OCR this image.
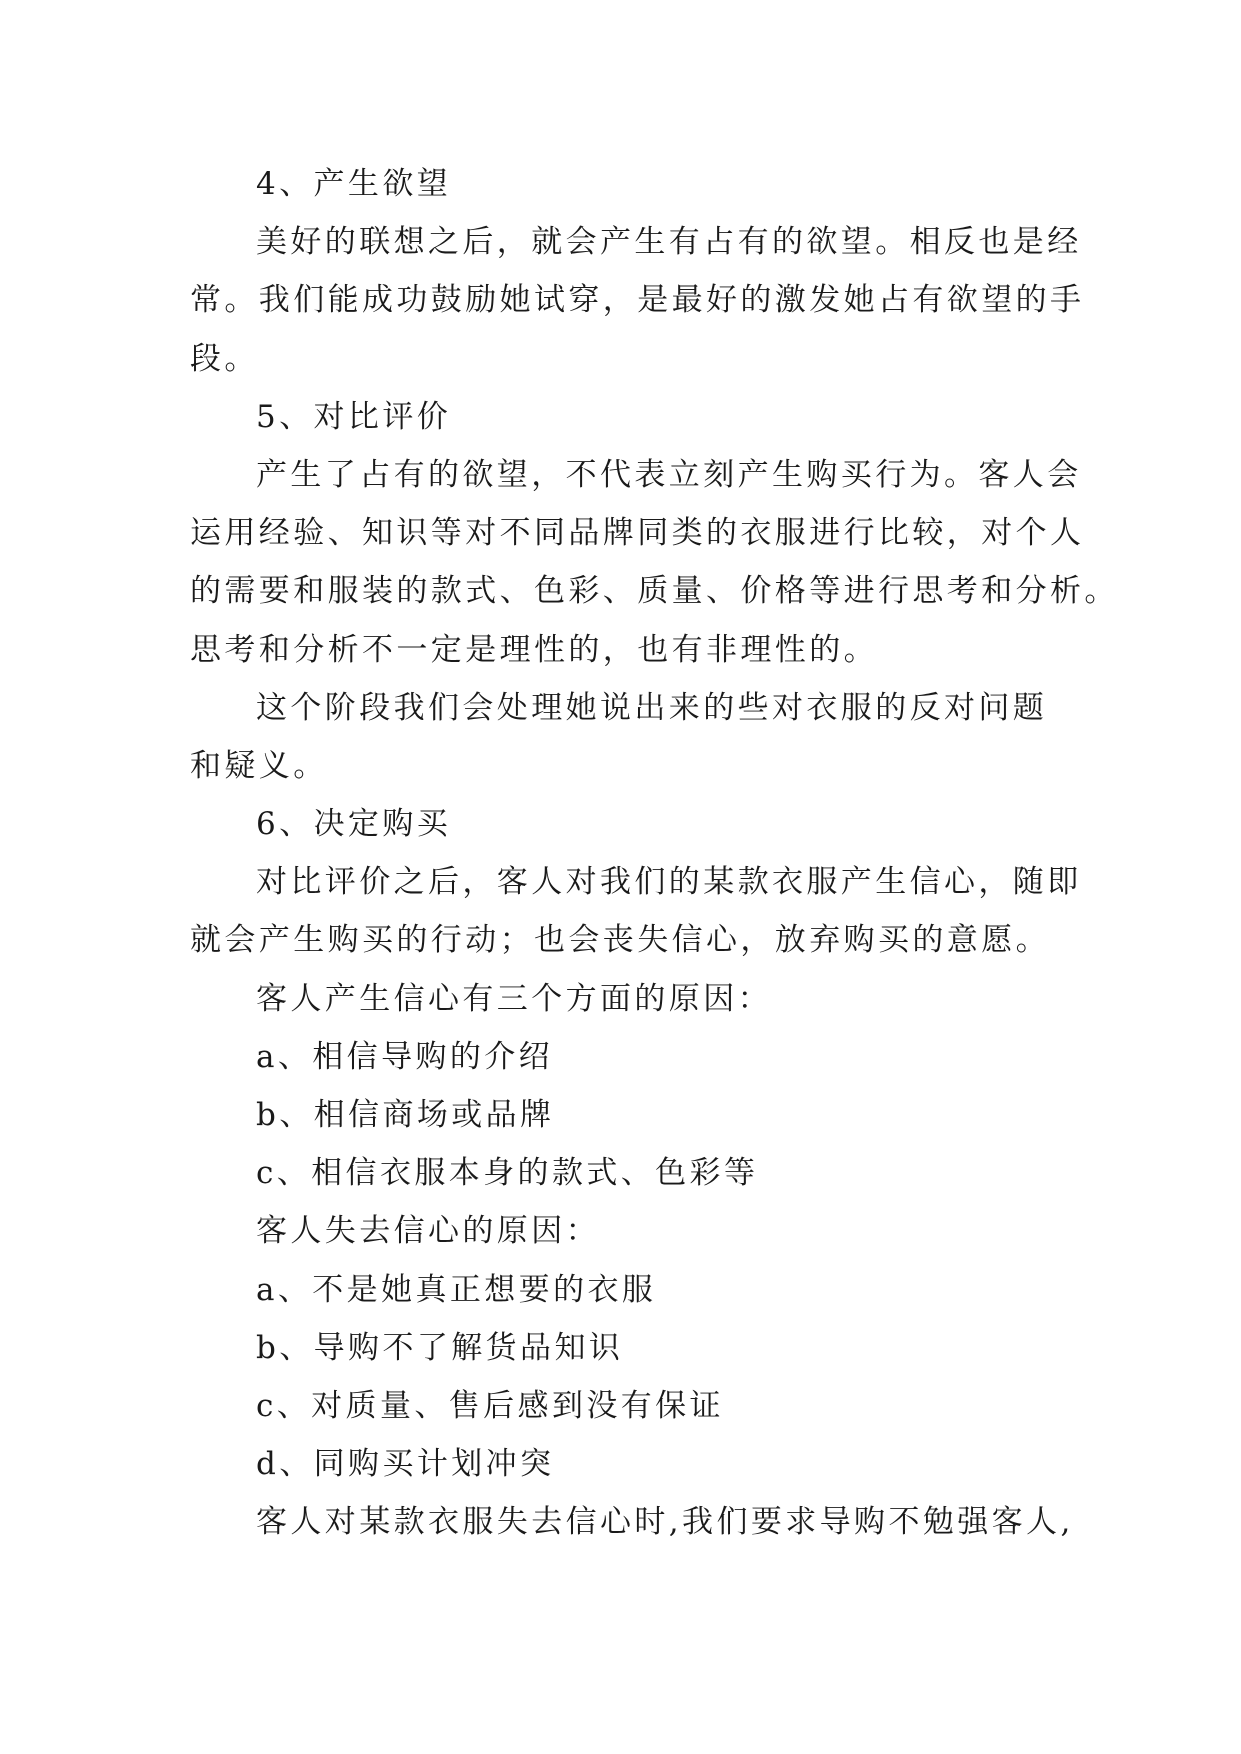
4、产生欲望

美好的联想之后，就会产生有占有的欲望。相反也是经

常。我们能成功鼓励她试穿，是最好的激发她占有欲望的手

段。

5、对比评价

产生了占有的欲望，不代表立刻产生购买行为。客人会

运用经验、知识等对不同品牌同类的衣服进行比较，对个人

的需要和服装的款式、色彩、质量、价格等进行思考和分析。

思考和分析不一定是理性的，也有非理性的。

这个阶段我们会处理她说出来的些对衣服的反对问题

和疑义。

6、决定购买

对比评价之后，客人对我们的某款衣服产生信心，随即

就会产生购买的行动；也会丧失信心，放弃购买的意愿。

客人产生信心有三个方面的原因：

a、相信导购的介绍

b、相信商场或品牌

c、相信衣服本身的款式、色彩等

客人失去信心的原因：

a、不是她真正想要的衣服

b、导购不了解货品知识

c、对质量、售后感到没有保证

d、同购买计划冲突

客人对某款衣服失去信心时,我们要求导购不勉强客人,
